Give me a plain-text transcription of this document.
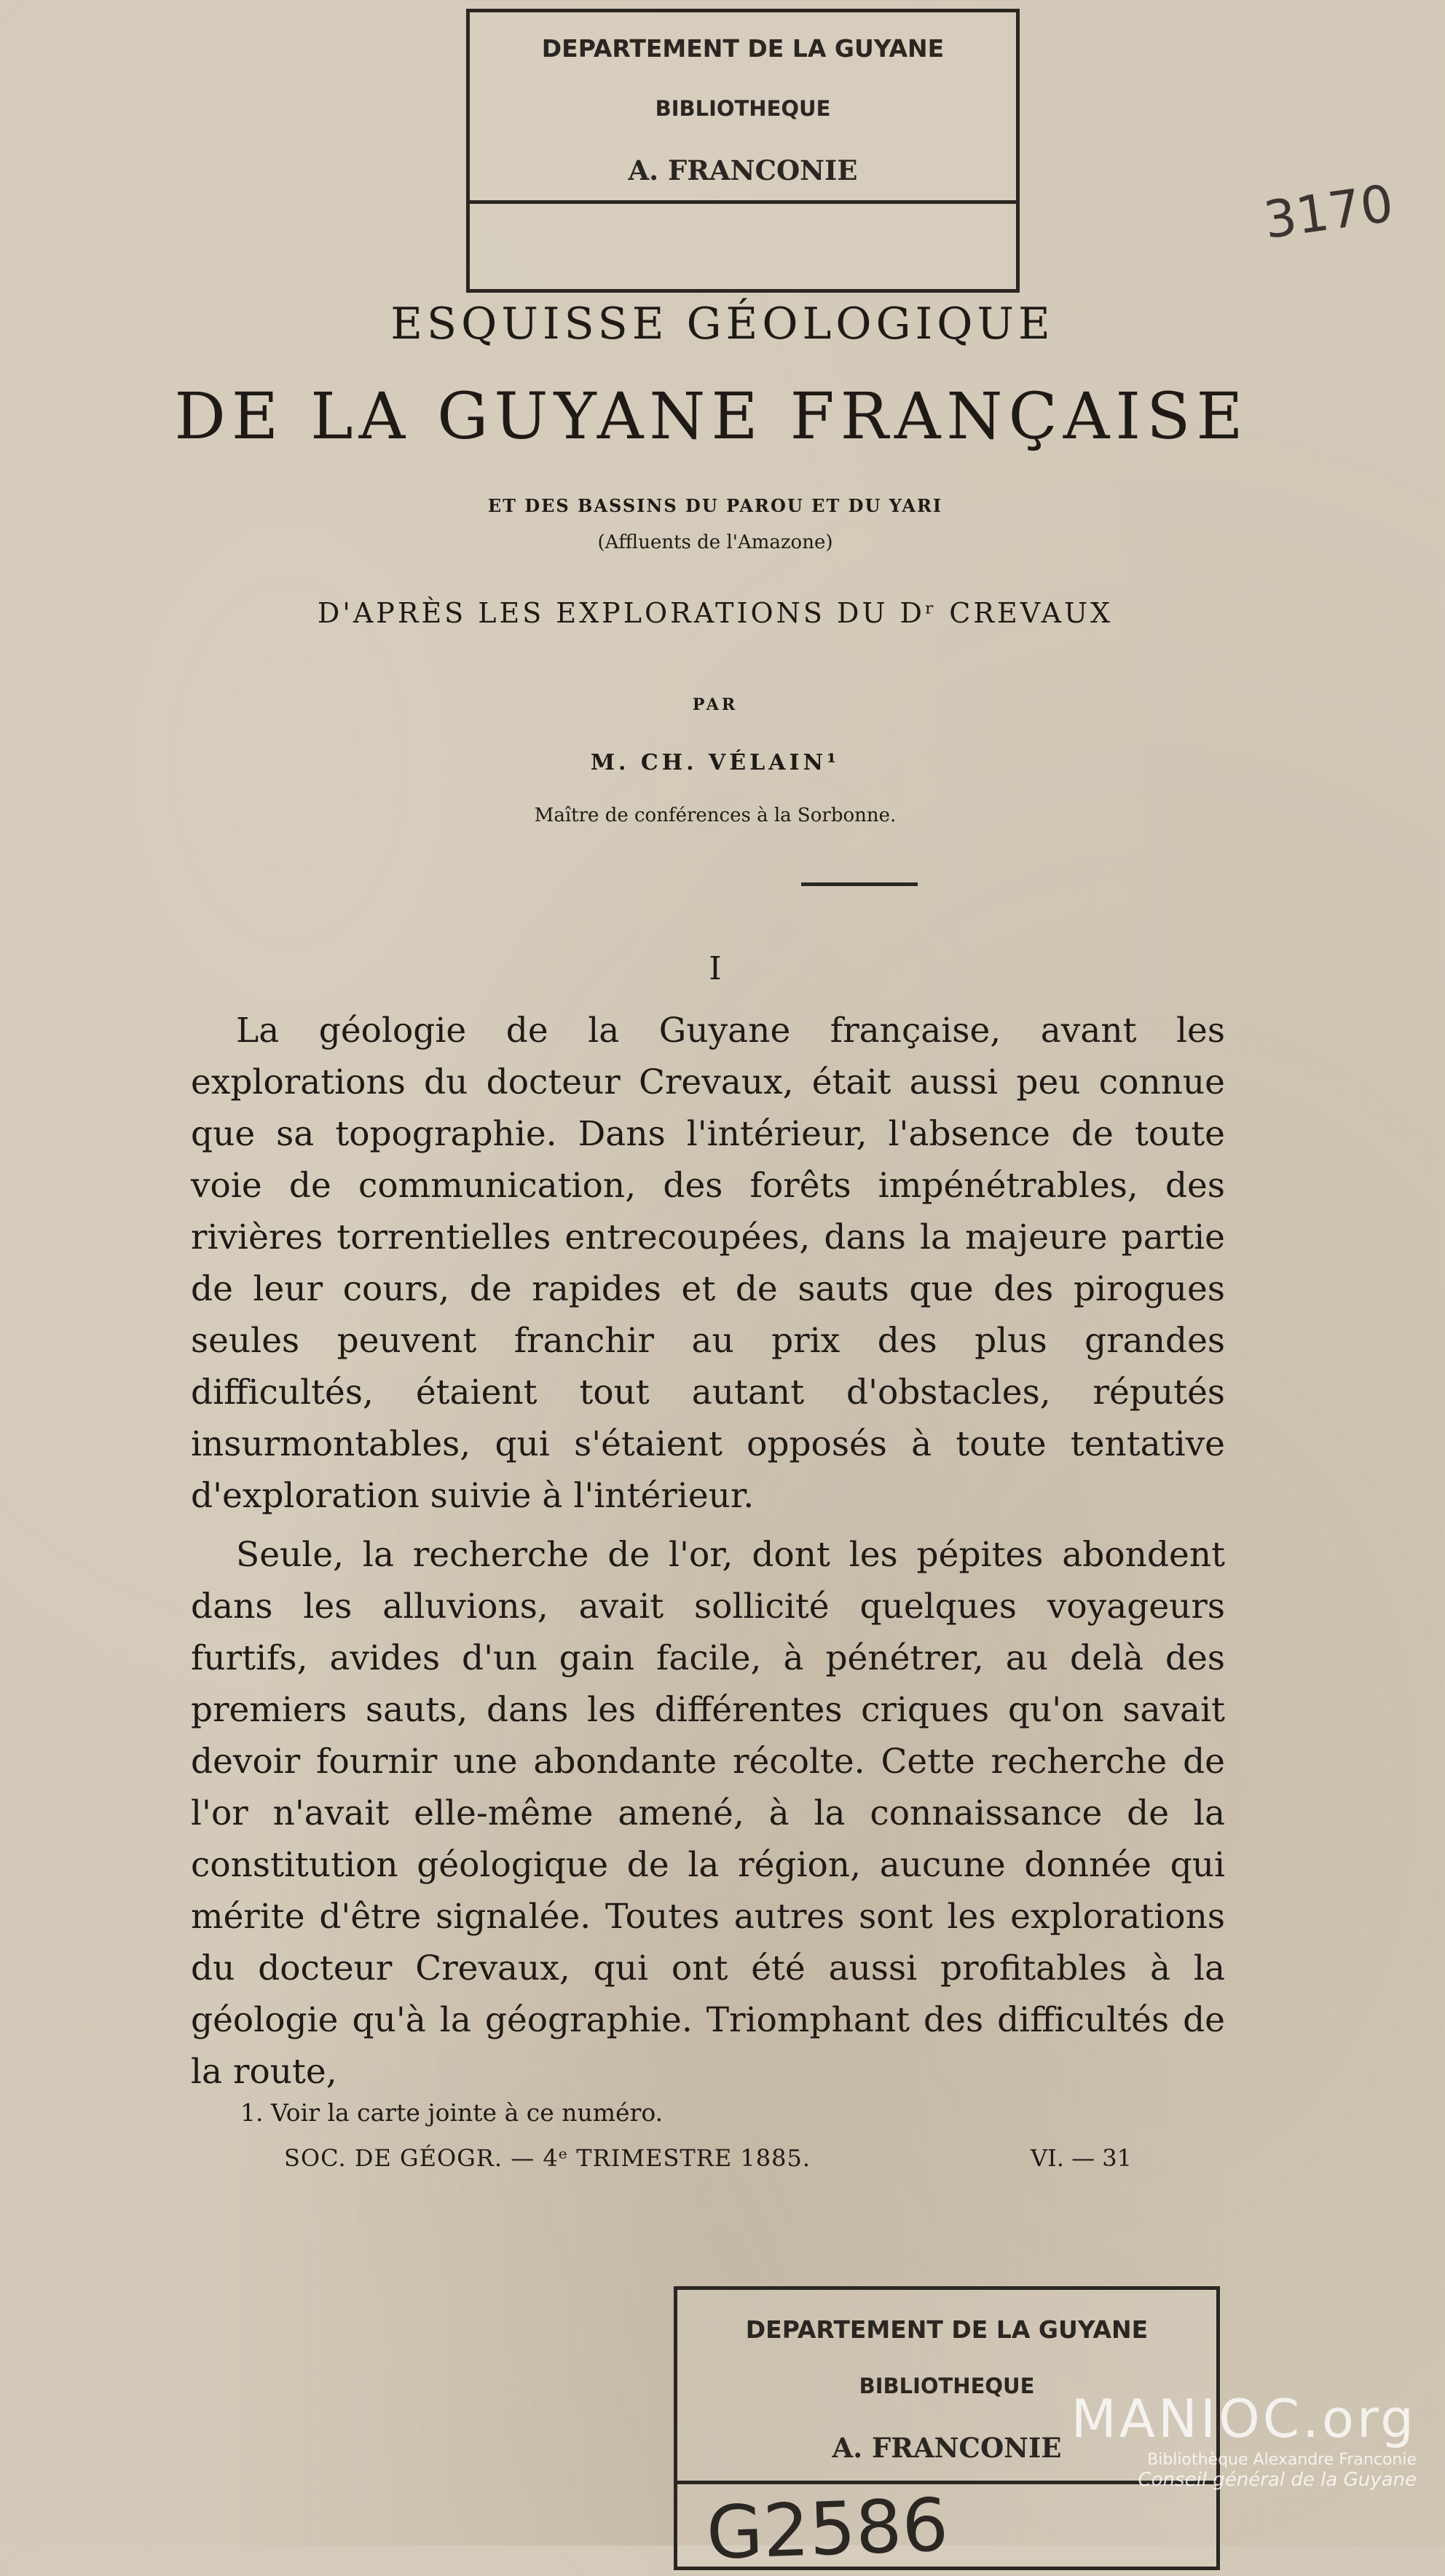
DEPARTEMENT DE LA GUYANE
BIBLIOTHEQUE
A. FRANCONIE
3170
ESQUISSE GÉOLOGIQUE
DE LA GUYANE FRANÇAISE
ET DES BASSINS DU PAROU ET DU YARI
(Affluents de l'Amazone)
D'APRÈS LES EXPLORATIONS DU Dʳ CREVAUX
PAR
M. CH. VÉLAIN¹
Maître de conférences à la Sorbonne.
I

La géologie de la Guyane française, avant les explorations du docteur Crevaux, était aussi peu connue que sa topographie. Dans l'intérieur, l'absence de toute voie de communication, des forêts impénétrables, des rivières torrentielles entrecoupées, dans la majeure partie de leur cours, de rapides et de sauts que des pirogues seules peuvent franchir au prix des plus grandes difficultés, étaient tout autant d'obstacles, réputés insurmontables, qui s'étaient opposés à toute tentative d'exploration suivie à l'intérieur.

Seule, la recherche de l'or, dont les pépites abondent dans les alluvions, avait sollicité quelques voyageurs furtifs, avides d'un gain facile, à pénétrer, au delà des premiers sauts, dans les différentes criques qu'on savait devoir fournir une abondante récolte. Cette recherche de l'or n'avait elle-même amené, à la connaissance de la constitution géologique de la région, aucune donnée qui mérite d'être signalée. Toutes autres sont les explorations du docteur Crevaux, qui ont été aussi profitables à la géologie qu'à la géographie. Triomphant des difficultés de la route,

1. Voir la carte jointe à ce numéro.
SOC. DE GÉOGR. — 4ᵉ TRIMESTRE 1885.	VI. — 31
DEPARTEMENT DE LA GUYANE
BIBLIOTHEQUE
A. FRANCONIE
G2586
MANIOC.org
Bibliothèque Alexandre Franconie
Conseil général de la Guyane
